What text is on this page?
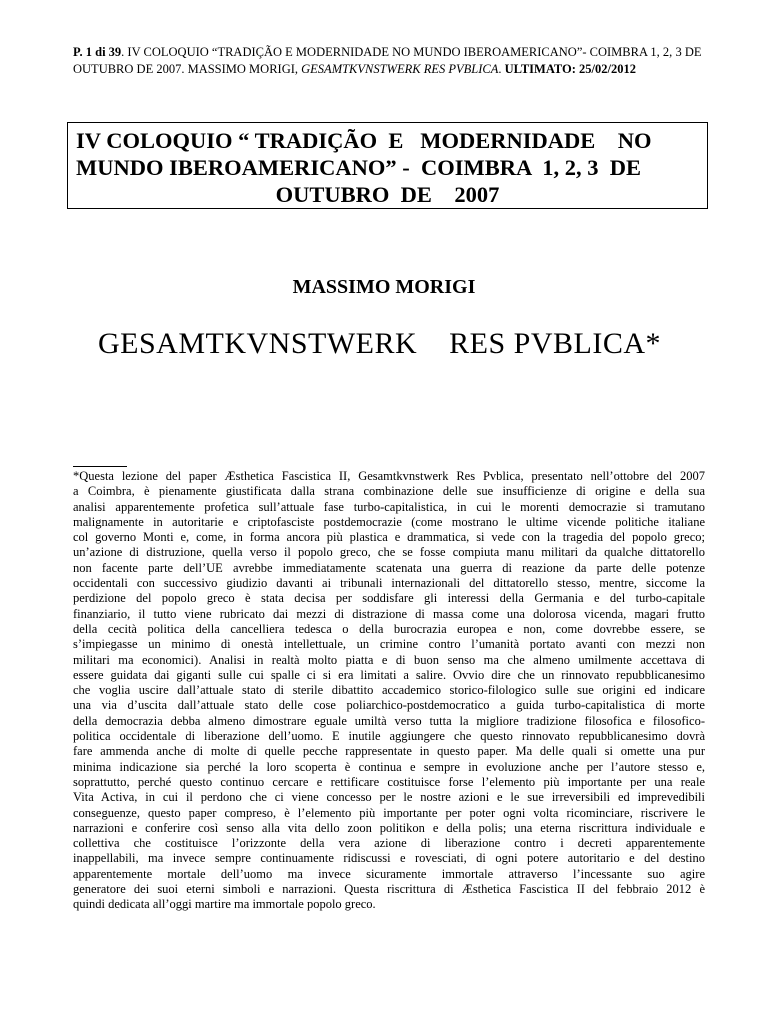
P. 1 di 39. IV COLOQUIO “TRADIÇÃO E MODERNIDADE NO MUNDO IBEROAMERICANO”- COIMBRA 1, 2, 3 DE OUTUBRO DE 2007. MASSIMO MORIGI, GESAMTKVNSTWERK RES PVBLICA. ULTIMATO: 25/02/2012
IV COLOQUIO “ TRADIÇÃO  E   MODERNIDADE    NO
MUNDO IBEROAMERICANO” -  COIMBRA  1, 2, 3  DE
OUTUBRO  DE    2007
MASSIMO MORIGI
GESAMTKVNSTWERK    RES PVBLICA*
*Questa lezione del paper Æsthetica Fascistica II, Gesamtkvnstwerk Res Pvblica, presentato nell’ottobre del 2007
a Coimbra, è pienamente giustificata dalla strana combinazione delle sue insufficienze di origine e della sua
analisi apparentemente profetica sull’attuale fase turbo-capitalistica, in cui le morenti democrazie si tramutano
malignamente in autoritarie e criptofasciste postdemocrazie (come mostrano le ultime vicende politiche italiane
col governo Monti e, come, in forma ancora più plastica e drammatica, si vede con la tragedia del popolo greco;
un’azione di distruzione, quella verso il popolo greco, che se fosse compiuta manu militari da qualche dittatorello
non facente parte dell’UE avrebbe immediatamente scatenata una guerra di reazione da parte delle potenze
occidentali con successivo giudizio davanti ai tribunali internazionali del dittatorello stesso, mentre, siccome la
perdizione del popolo greco è stata decisa per soddisfare gli interessi della Germania e del turbo-capitale
finanziario, il tutto viene rubricato dai mezzi di distrazione di massa come una dolorosa vicenda, magari frutto
della cecità politica della cancelliera tedesca o della burocrazia europea e non, come dovrebbe essere, se
s’impiegasse un minimo di onestà intellettuale, un crimine contro l’umanità portato avanti con mezzi non
militari ma economici). Analisi in realtà molto piatta e di buon senso ma che almeno umilmente accettava di
essere guidata dai giganti sulle cui spalle ci si era limitati a salire. Ovvio dire che un rinnovato repubblicanesimo
che voglia uscire dall’attuale stato di sterile dibattito accademico storico-filologico sulle sue origini ed indicare
una via d’uscita dall’attuale stato delle cose poliarchico-postdemocratico a guida turbo-capitalistica di morte
della democrazia debba almeno dimostrare eguale umiltà verso tutta la migliore tradizione filosofica e filosofico-
politica occidentale di liberazione dell’uomo. E inutile aggiungere che questo rinnovato repubblicanesimo dovrà
fare ammenda anche di molte di quelle pecche rappresentate in questo paper. Ma delle quali si omette una pur
minima indicazione sia perché la loro scoperta è continua e sempre in evoluzione anche per l’autore stesso e,
soprattutto, perché questo continuo cercare e rettificare costituisce forse l’elemento più importante per una reale
Vita Activa, in cui il perdono che ci viene concesso per le nostre azioni e le sue irreversibili ed imprevedibili
conseguenze, questo paper compreso, è l’elemento più importante per poter ogni volta ricominciare, riscrivere le
narrazioni e conferire così senso alla vita dello zoon politikon e della polis; una eterna riscrittura individuale e
collettiva che costituisce l’orizzonte della vera azione di liberazione contro i decreti apparentemente
inappellabili, ma invece sempre continuamente ridiscussi e rovesciati, di ogni potere autoritario e del destino
apparentemente mortale dell’uomo ma invece sicuramente immortale attraverso l’incessante suo agire
generatore dei suoi eterni simboli e narrazioni. Questa riscrittura di Æsthetica Fascistica II del febbraio 2012 è
quindi dedicata all’oggi martire ma immortale popolo greco.
